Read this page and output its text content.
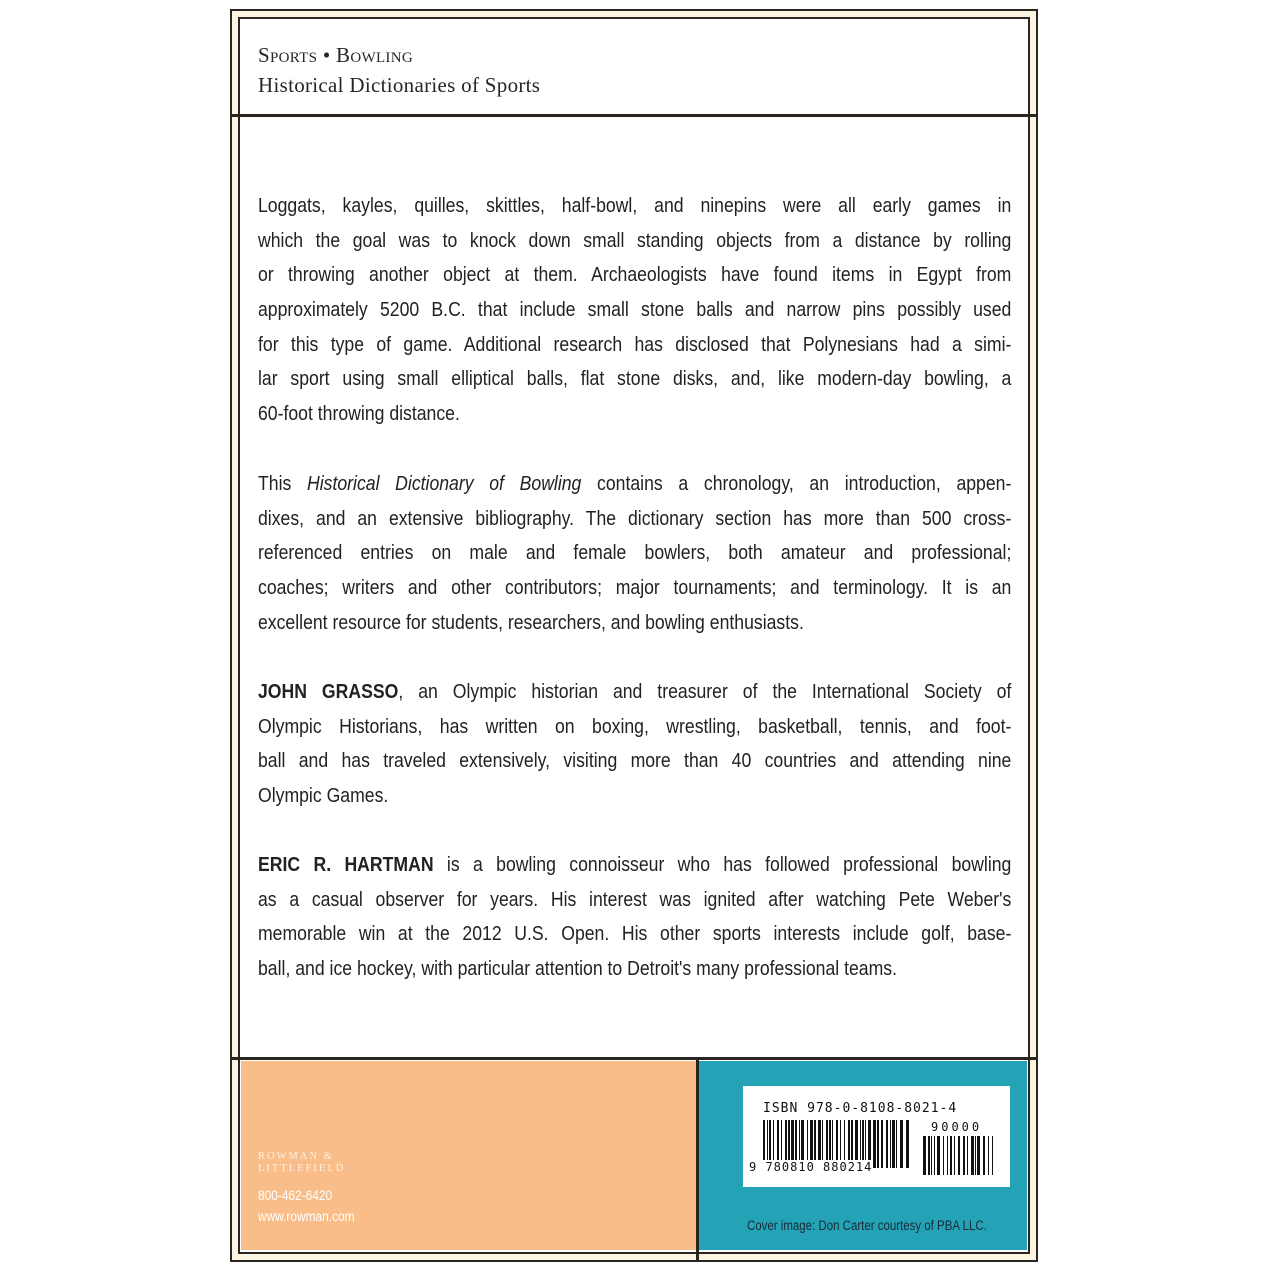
Sports • Bowling
Historical Dictionaries of Sports
Loggats, kayles, quilles, skittles, half-bowl, and ninepins were all early games in
which the goal was to knock down small standing objects from a distance by rolling
or throwing another object at them. Archaeologists have found items in Egypt from
approximately 5200 B.C. that include small stone balls and narrow pins possibly used
for this type of game. Additional research has disclosed that Polynesians had a simi-
lar sport using small elliptical balls, flat stone disks, and, like modern-day bowling, a
60-foot throwing distance.
This Historical Dictionary of Bowling contains a chronology, an introduction, appen-
dixes, and an extensive bibliography. The dictionary section has more than 500 cross-
referenced entries on male and female bowlers, both amateur and professional;
coaches; writers and other contributors; major tournaments; and terminology. It is an
excellent resource for students, researchers, and bowling enthusiasts.
JOHN GRASSO, an Olympic historian and treasurer of the International Society of
Olympic Historians, has written on boxing, wrestling, basketball, tennis, and foot-
ball and has traveled extensively, visiting more than 40 countries and attending nine
Olympic Games.
ERIC R. HARTMAN is a bowling connoisseur who has followed professional bowling
as a casual observer for years. His interest was ignited after watching Pete Weber's
memorable win at the 2012 U.S. Open. His other sports interests include golf, base-
ball, and ice hockey, with particular attention to Detroit's many professional teams.
ROWMAN &
LITTLEFIELD
800-462-6420
www.rowman.com
ISBN 978-0-8108-8021-4
90000
9 780810 880214
Cover image: Don Carter courtesy of PBA LLC.
